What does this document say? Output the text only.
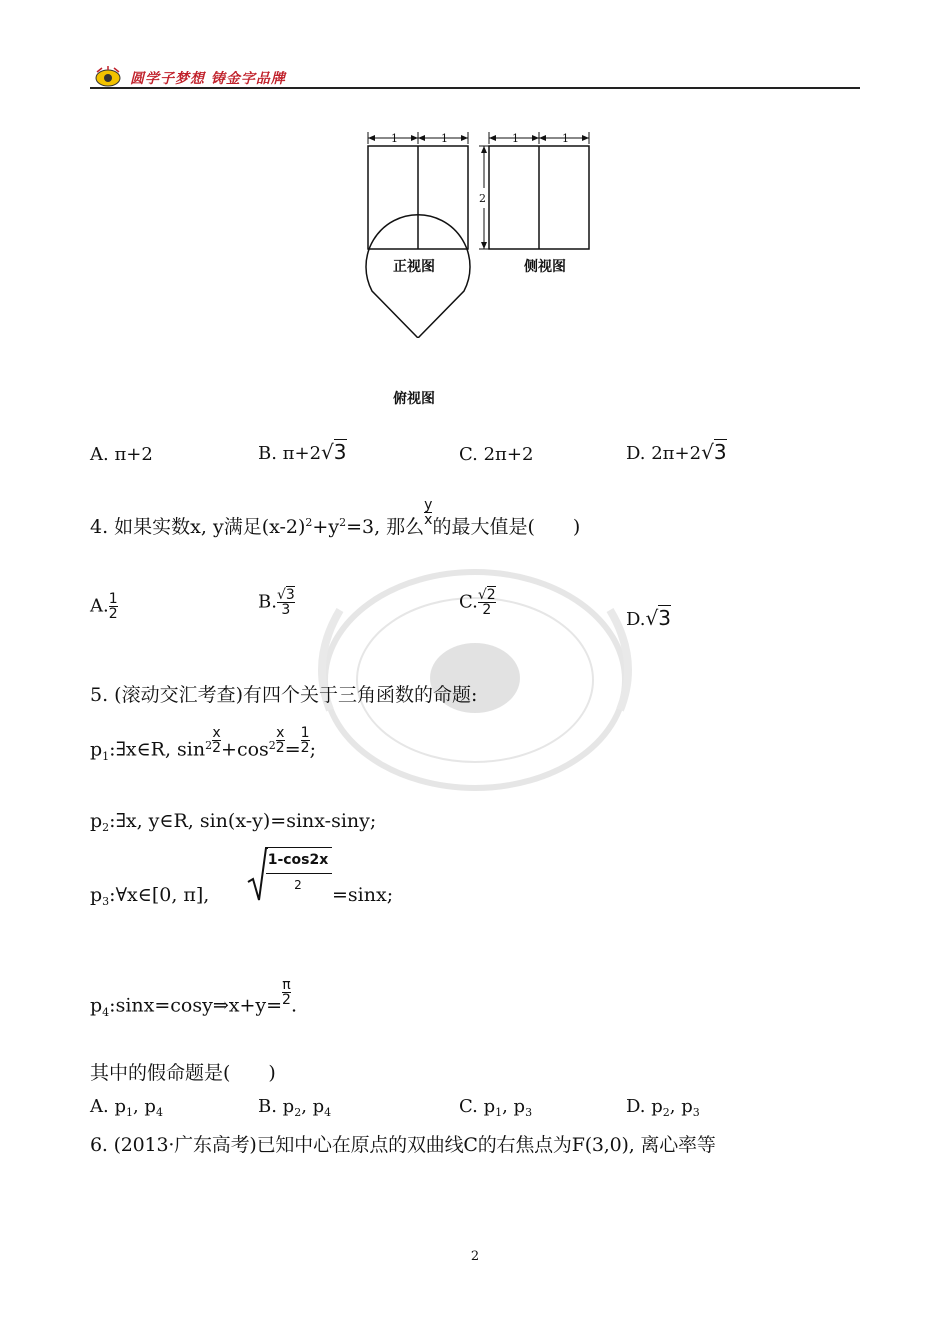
圆学子梦想 铸金字品牌
1	1	1	1
2
正视图	侧视图
俯视图
A. π+2	B. π+2√3	C. 2π+2	D. 2π+2√3
4. 如果实数x, y满足$(x-2)^2+y^2=3$, 那么
$\frac{y}{x}$
的最大值是(　　)
A. $\frac{1}{2}$	B. $\frac{√3}{3}$	C. $\frac{√2}{2}$
D.√3
5. (滚动交汇考查)有四个关于三角函数的命题:
$p_1:\exists x\in R$, $\sin^2 \frac{x}{2} +\cos^2 \frac{x}{2} = \frac{1}{2}$ ;
$p_2:\exists x$, y∈R, sin(x-y)=sinx-siny;
$p_3:\forall x\in[0$, π],
1-cos2x
2	=sinx;
$p_4:\sin x=\cos y\Rightarrow x+y= \frac{\pi}{2}$ .
其中的假命题是(　　)
A. $p_1$, $p_4$	B. $p_2$, $p_4$	C. $p_1$, $p_3$	D. $p_2$, $p_3$
6. (2013·广东高考)已知中心在原点的双曲线C的右焦点为F(3,0), 离心率等
2
